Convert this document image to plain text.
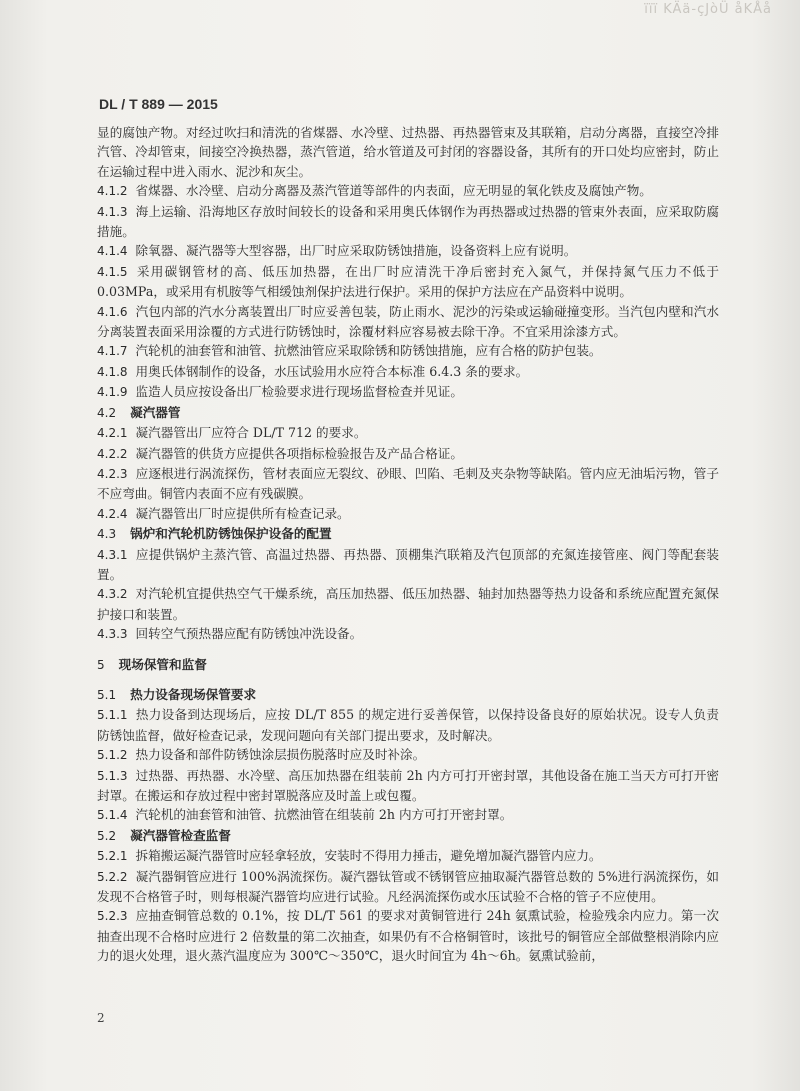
ïïï KÄä-çJòÜ åKÅå
DL / T 889 — 2015

显的腐蚀产物。对经过吹扫和清洗的省煤器、水冷壁、过热器、再热器管束及其联箱，启动分离器，直接空冷排汽管、冷却管束，间接空冷换热器，蒸汽管道，给水管道及可封闭的容器设备，其所有的开口处均应密封，防止在运输过程中进入雨水、泥沙和灰尘。

4.1.2 省煤器、水冷壁、启动分离器及蒸汽管道等部件的内表面，应无明显的氧化铁皮及腐蚀产物。

4.1.3 海上运输、沿海地区存放时间较长的设备和采用奥氏体钢作为再热器或过热器的管束外表面，应采取防腐措施。

4.1.4 除氧器、凝汽器等大型容器，出厂时应采取防锈蚀措施，设备资料上应有说明。

4.1.5 采用碳钢管材的高、低压加热器，在出厂时应清洗干净后密封充入氮气，并保持氮气压力不低于0.03MPa，或采用有机胺等气相缓蚀剂保护法进行保护。采用的保护方法应在产品资料中说明。

4.1.6 汽包内部的汽水分离装置出厂时应妥善包装，防止雨水、泥沙的污染或运输碰撞变形。当汽包内壁和汽水分离装置表面采用涂覆的方式进行防锈蚀时，涂覆材料应容易被去除干净。不宜采用涂漆方式。

4.1.7 汽轮机的油套管和油管、抗燃油管应采取除锈和防锈蚀措施，应有合格的防护包装。

4.1.8 用奥氏体钢制作的设备，水压试验用水应符合本标准 6.4.3 条的要求。

4.1.9 监造人员应按设备出厂检验要求进行现场监督检查并见证。

4.2 凝汽器管

4.2.1 凝汽器管出厂应符合 DL/T 712 的要求。

4.2.2 凝汽器管的供货方应提供各项指标检验报告及产品合格证。

4.2.3 应逐根进行涡流探伤，管材表面应无裂纹、砂眼、凹陷、毛刺及夹杂物等缺陷。管内应无油垢污物，管子不应弯曲。铜管内表面不应有残碳膜。

4.2.4 凝汽器管出厂时应提供所有检查记录。

4.3 锅炉和汽轮机防锈蚀保护设备的配置

4.3.1 应提供锅炉主蒸汽管、高温过热器、再热器、顶棚集汽联箱及汽包顶部的充氮连接管座、阀门等配套装置。

4.3.2 对汽轮机宜提供热空气干燥系统，高压加热器、低压加热器、轴封加热器等热力设备和系统应配置充氮保护接口和装置。

4.3.3 回转空气预热器应配有防锈蚀冲洗设备。

5 现场保管和监督

5.1 热力设备现场保管要求

5.1.1 热力设备到达现场后，应按 DL/T 855 的规定进行妥善保管，以保持设备良好的原始状况。设专人负责防锈蚀监督，做好检查记录，发现问题向有关部门提出要求，及时解决。

5.1.2 热力设备和部件防锈蚀涂层损伤脱落时应及时补涂。

5.1.3 过热器、再热器、水冷壁、高压加热器在组装前 2h 内方可打开密封罩，其他设备在施工当天方可打开密封罩。在搬运和存放过程中密封罩脱落应及时盖上或包覆。

5.1.4 汽轮机的油套管和油管、抗燃油管在组装前 2h 内方可打开密封罩。

5.2 凝汽器管检查监督

5.2.1 拆箱搬运凝汽器管时应轻拿轻放，安装时不得用力捶击，避免增加凝汽器管内应力。

5.2.2 凝汽器铜管应进行 100%涡流探伤。凝汽器钛管或不锈钢管应抽取凝汽器管总数的 5%进行涡流探伤，如发现不合格管子时，则每根凝汽器管均应进行试验。凡经涡流探伤或水压试验不合格的管子不应使用。

5.2.3 应抽查铜管总数的 0.1%，按 DL/T 561 的要求对黄铜管进行 24h 氨熏试验，检验残余内应力。第一次抽查出现不合格时应进行 2 倍数量的第二次抽查，如果仍有不合格铜管时，该批号的铜管应全部做整根消除内应力的退火处理，退火蒸汽温度应为 300℃～350℃，退火时间宜为 4h～6h。氨熏试验前，

2
